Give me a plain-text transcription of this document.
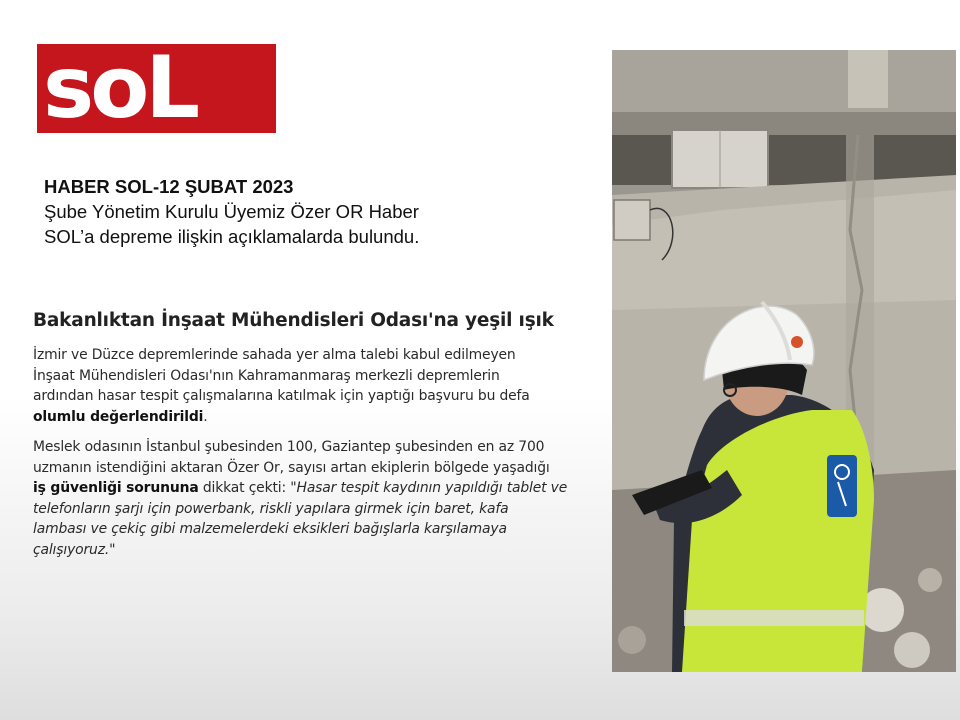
soL
HABER SOL-12 ŞUBAT 2023
Şube Yönetim Kurulu Üyemiz Özer OR Haber
SOL’a depreme ilişkin açıklamalarda bulundu.
Bakanlıktan İnşaat Mühendisleri Odası'na yeşil ışık

İzmir ve Düzce depremlerinde sahada yer alma talebi kabul edilmeyen
İnşaat Mühendisleri Odası'nın Kahramanmaraş merkezli depremlerin
ardından hasar tespit çalışmalarına katılmak için yaptığı başvuru bu defa
olumlu değerlendirildi.

Meslek odasının İstanbul şubesinden 100, Gaziantep şubesinden en az 700
uzmanın istendiğini aktaran Özer Or, sayısı artan ekiplerin bölgede yaşadığı
iş güvenliği sorununa dikkat çekti: "Hasar tespit kaydının yapıldığı tablet ve
telefonların şarjı için powerbank, riskli yapılara girmek için baret, kafa
lambası ve çekiç gibi malzemelerdeki eksikleri bağışlarla karşılamaya
çalışıyoruz."
